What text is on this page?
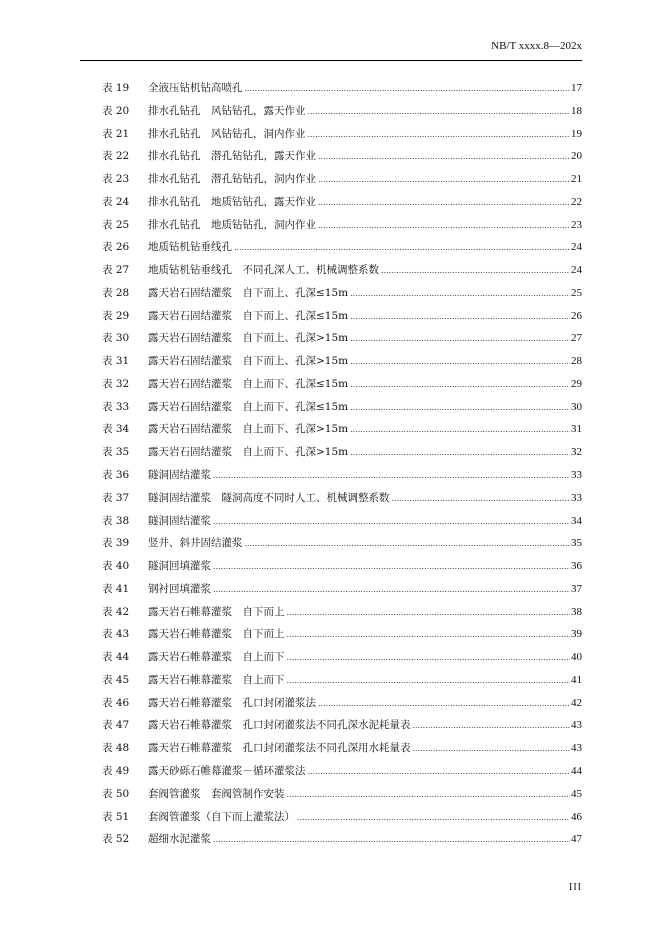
NB/T xxxx.8—202x
表 19	全液压钻机钻高喷孔 .....	17
表 20	排水孔钻孔　风钻钻孔，露天作业 .....	18
表 21	排水孔钻孔　风钻钻孔，洞内作业 .....	19
表 22	排水孔钻孔　潜孔钻钻孔，露天作业 .....	20
表 23	排水孔钻孔　潜孔钻钻孔，洞内作业 .....	21
表 24	排水孔钻孔　地质钻钻孔，露天作业 .....	22
表 25	排水孔钻孔　地质钻钻孔，洞内作业 .....	23
表 26	地质钻机钻垂线孔 .....	24
表 27	地质钻机钻垂线孔　不同孔深人工、机械调整系数 .....	24
表 28	露天岩石固结灌浆　自下而上、孔深≤15m .....	25
表 29	露天岩石固结灌浆　自下而上、孔深≤15m .....	26
表 30	露天岩石固结灌浆　自下而上、孔深>15m .....	27
表 31	露天岩石固结灌浆　自下而上、孔深>15m .....	28
表 32	露天岩石固结灌浆　自上而下、孔深≤15m .....	29
表 33	露天岩石固结灌浆　自上而下、孔深≤15m .....	30
表 34	露天岩石固结灌浆　自上而下、孔深>15m .....	31
表 35	露天岩石固结灌浆　自上而下、孔深>15m .....	32
表 36	隧洞固结灌浆 .....	33
表 37	隧洞固结灌浆　隧洞高度不同时人工、机械调整系数 .....	33
表 38	隧洞固结灌浆 .....	34
表 39	竖井、斜井固结灌浆 .....	35
表 40	隧洞回填灌浆 .....	36
表 41	钢衬回填灌浆 .....	37
表 42	露天岩石帷幕灌浆　自下而上 .....	38
表 43	露天岩石帷幕灌浆　自下而上 .....	39
表 44	露天岩石帷幕灌浆　自上而下 .....	40
表 45	露天岩石帷幕灌浆　自上而下 .....	41
表 46	露天岩石帷幕灌浆　孔口封闭灌浆法 .....	42
表 47	露天岩石帷幕灌浆　孔口封闭灌浆法不同孔深水泥耗量表 .....	43
表 48	露天岩石帷幕灌浆　孔口封闭灌浆法不同孔深用水耗量表 .....	43
表 49	露天砂砾石帷幕灌浆－循环灌浆法 .....	44
表 50	套阀管灌浆　套阀管制作安装 .....	45
表 51	套阀管灌浆（自下而上灌浆法） .....	46
表 52	超细水泥灌浆 .....	47
III
